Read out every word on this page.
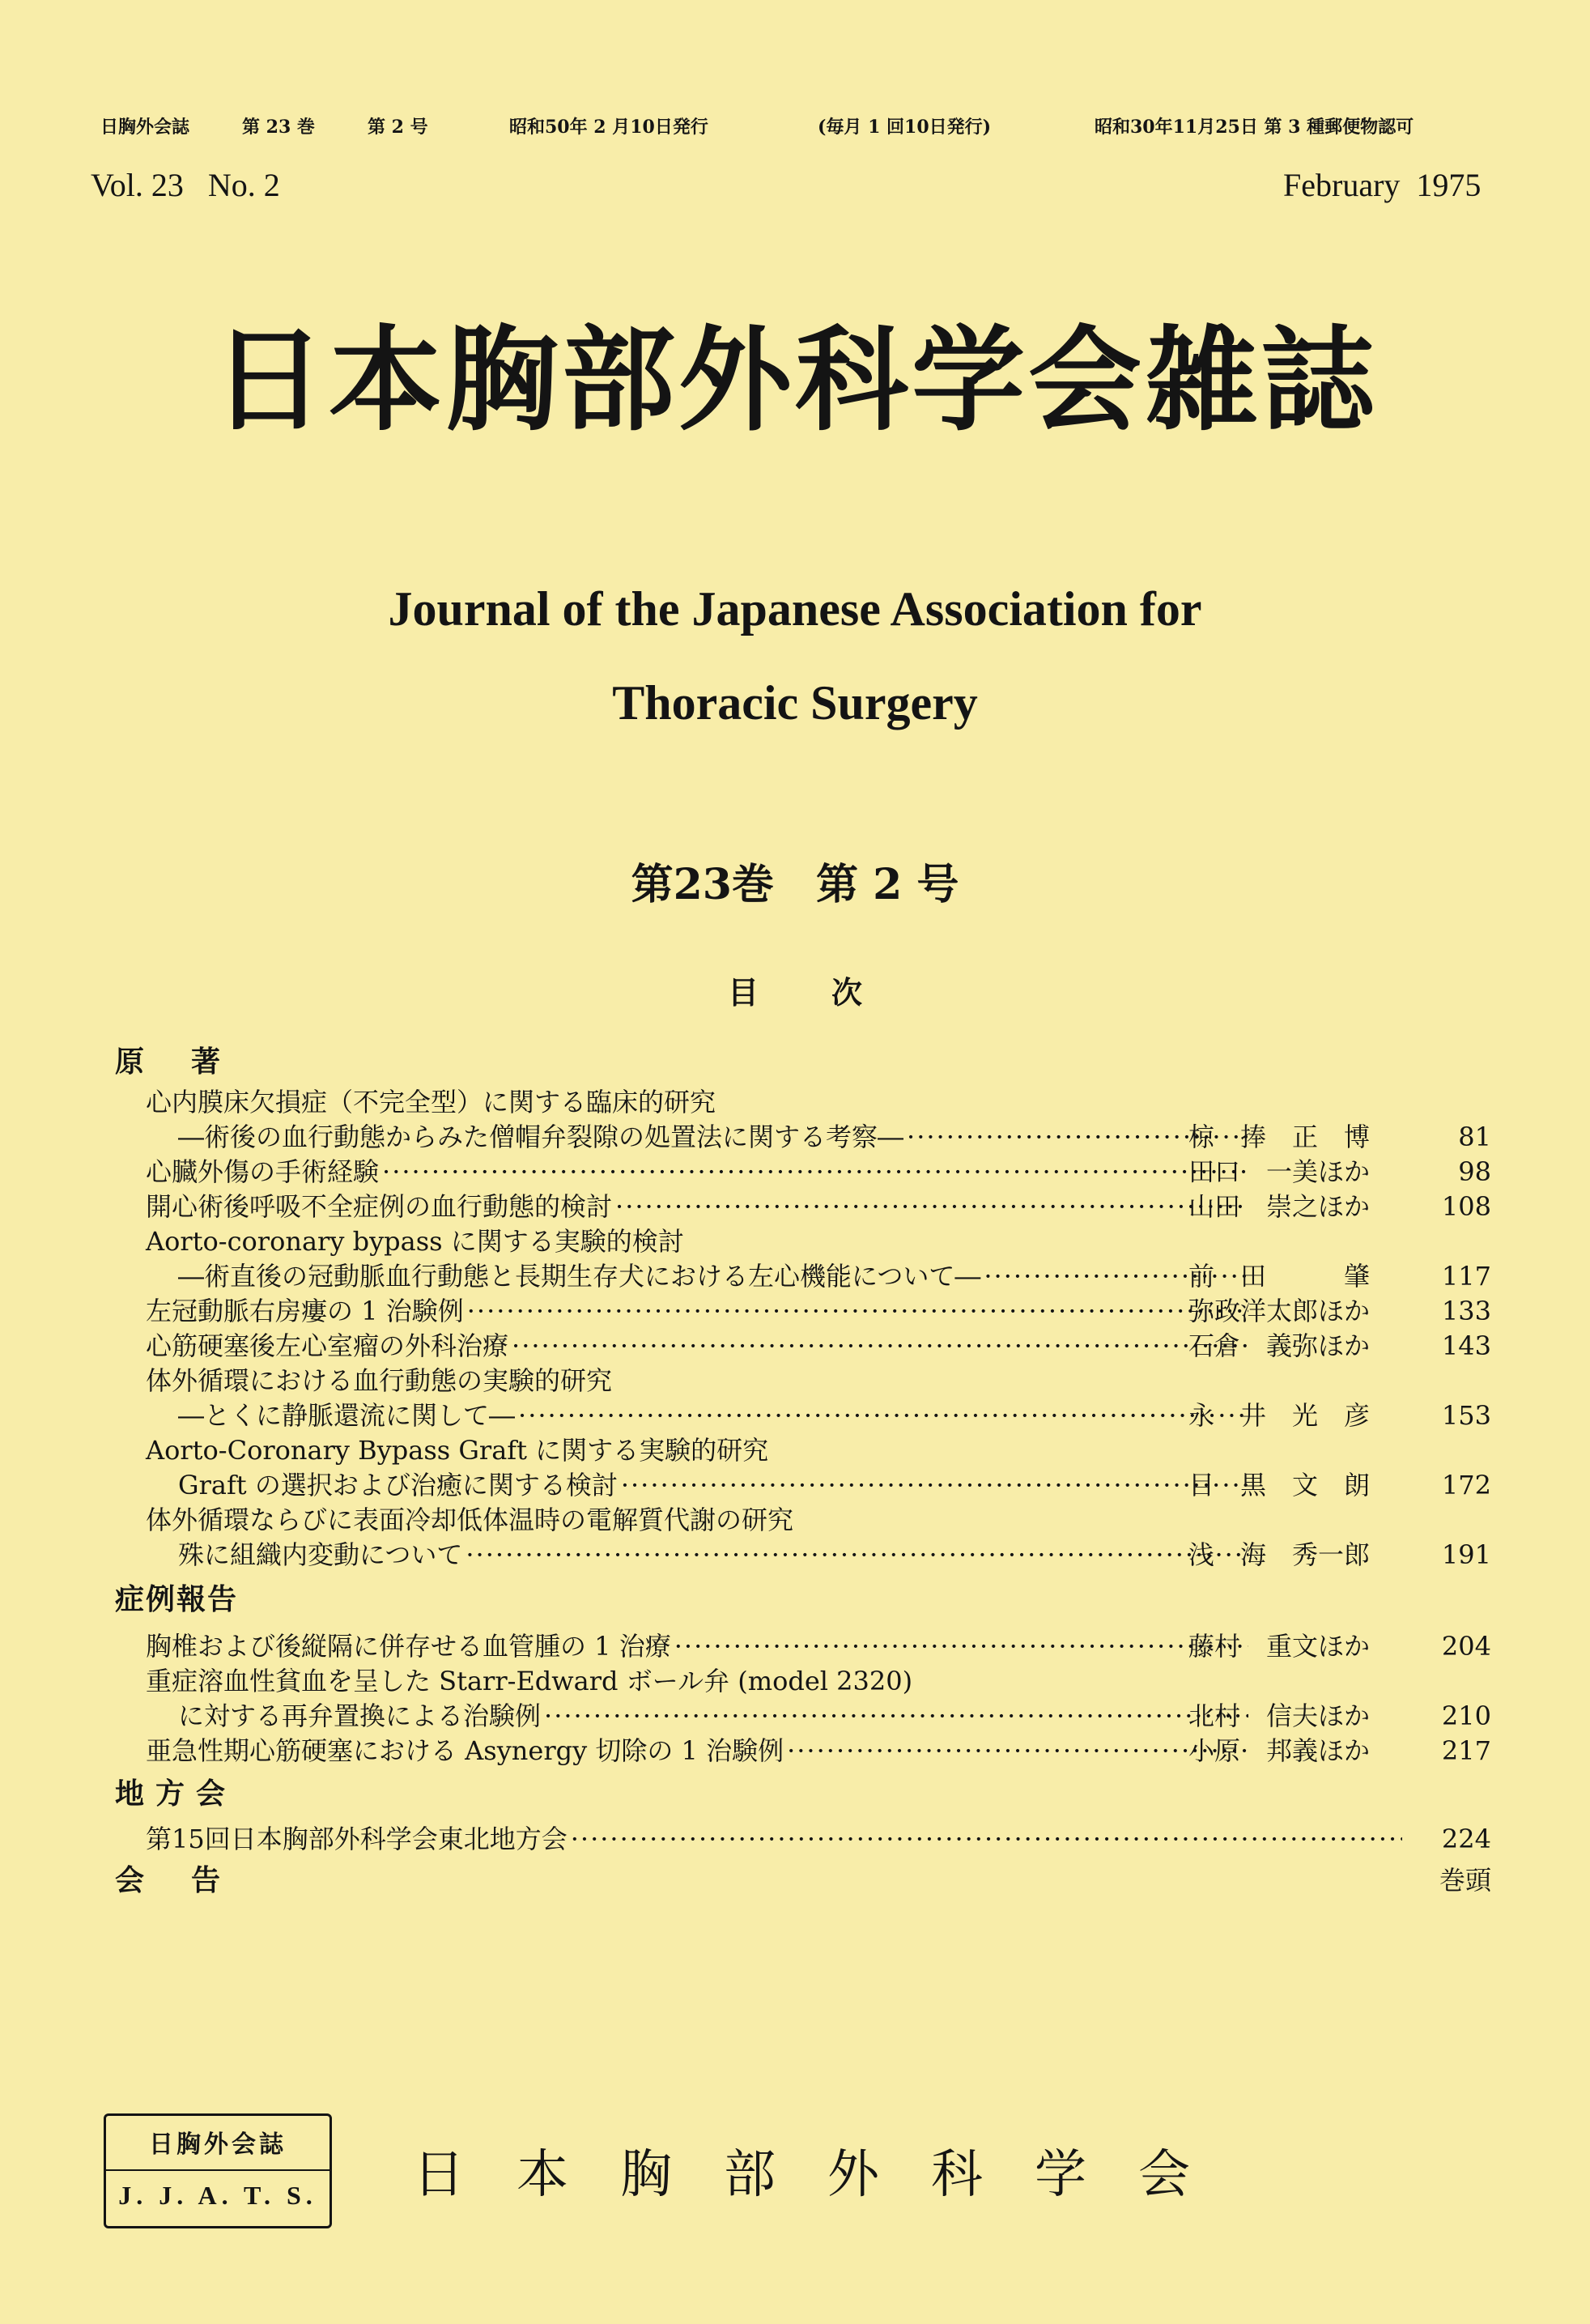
日胸外会誌	第 23 巻	第 2 号	昭和50年 2 月10日発行	(毎月 1 回10日発行)	昭和30年11月25日 第 3 種郵便物認可
Vol. 23   No. 2	February  1975
日本胸部外科学会雑誌
Journal of the Japanese Association for
Thoracic Surgery
第23巻　第 2 号
目次
原著
心内膜床欠損症（不完全型）に関する臨床的研究
―術後の血行動態からみた僧帽弁裂隙の処置法に関する考察― ·····	椋　捧　正　博	81
心臓外傷の手術経験 ·····	田口　一美ほか	98
開心術後呼吸不全症例の血行動態的検討 ·····	山田　崇之ほか	108
Aorto-coronary bypass に関する実験的検討
―術直後の冠動脈血行動態と長期生存犬における左心機能について― ·····	前　田　　　肇	117
左冠動脈右房瘻の 1 治験例 ·····	弥政洋太郎ほか	133
心筋硬塞後左心室瘤の外科治療 ·····	石倉　義弥ほか	143
体外循環における血行動態の実験的研究
―とくに静脈還流に関して― ·····	永　井　光　彦	153
Aorto-Coronary Bypass Graft に関する実験的研究
Graft の選択および治癒に関する検討 ·····	目　黒　文　朗	172
体外循環ならびに表面冷却低体温時の電解質代謝の研究
殊に組織内変動について ·····	浅　海　秀一郎	191
症例報告
胸椎および後縦隔に併存せる血管腫の 1 治療 ·····	藤村　重文ほか	204
重症溶血性貧血を呈した Starr-Edward ボール弁 (model 2320)
に対する再弁置換による治験例 ·····	北村　信夫ほか	210
亜急性期心筋硬塞における Asynergy 切除の 1 治験例 ·····	小原　邦義ほか	217
地方会
第15回日本胸部外科学会東北地方会 ·····	224
会告	巻頭
日胸外会誌
J. J. A. T. S. 日本胸部外科学会
